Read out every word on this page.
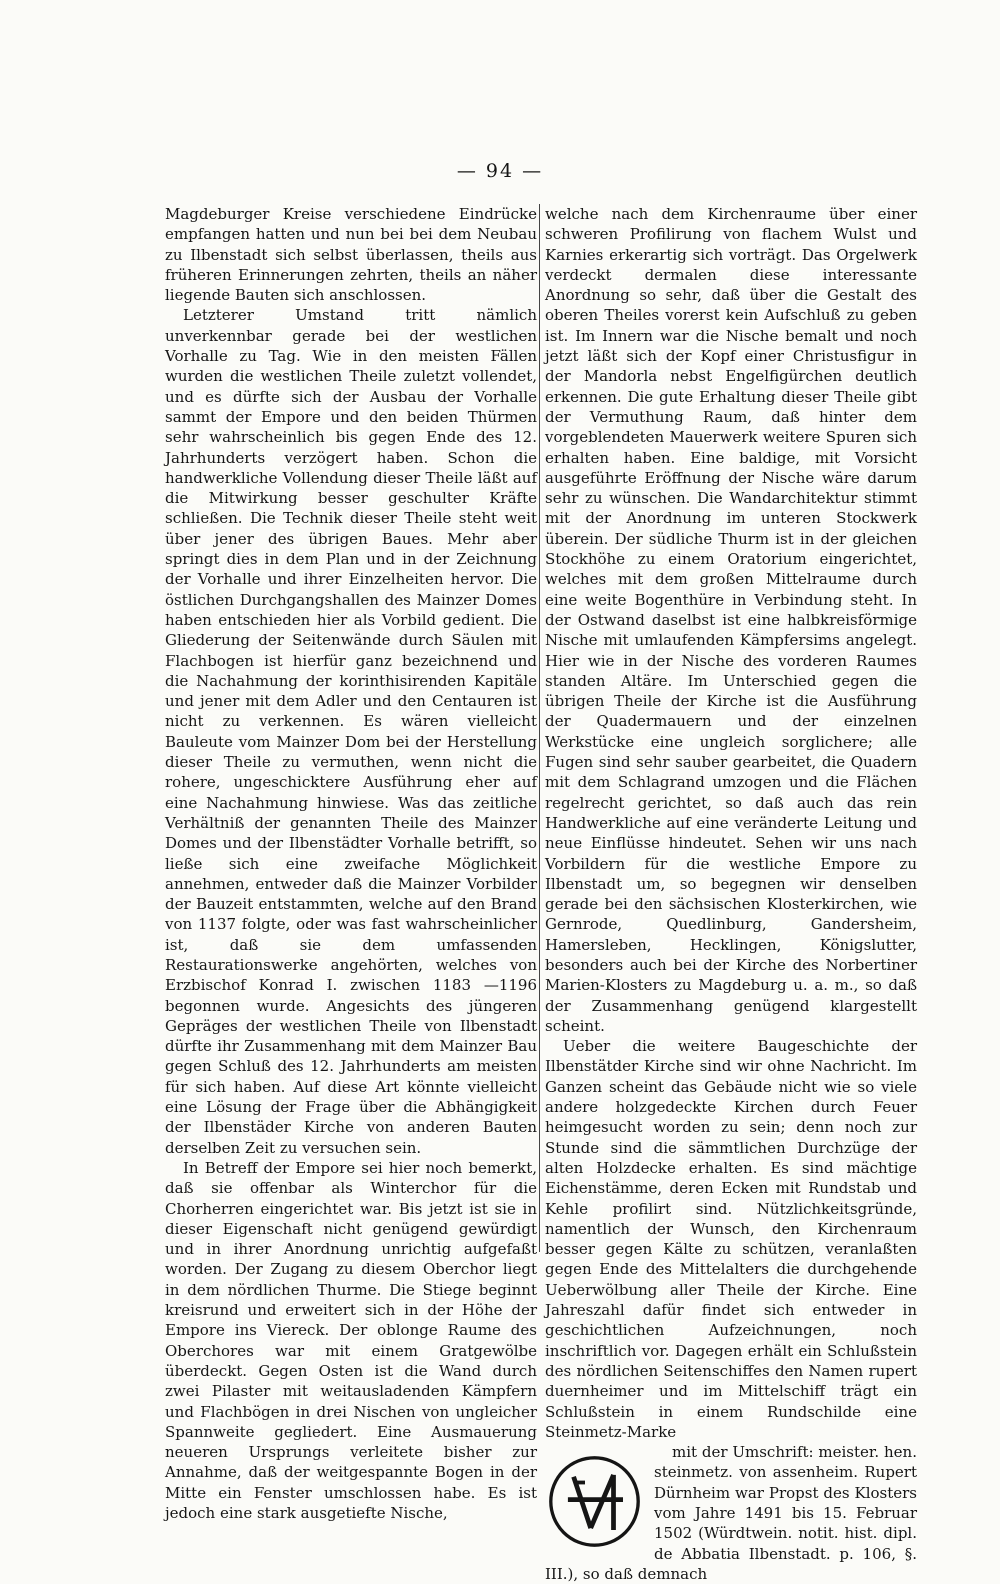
— 94 —

Magdeburger Kreise verschiedene Eindrücke empfangen hatten und nun bei bei dem Neubau zu Ilbenstadt sich selbst überlassen, theils aus früheren Erinnerungen zehrten, theils an näher liegende Bauten sich anschlossen.

Letzterer Umstand tritt nämlich unverkennbar gerade bei der westlichen Vorhalle zu Tag. Wie in den meisten Fällen wurden die westlichen Theile zuletzt vollendet, und es dürfte sich der Ausbau der Vorhalle sammt der Empore und den beiden Thürmen sehr wahrscheinlich bis gegen Ende des 12. Jahrhunderts verzögert haben. Schon die handwerkliche Vollendung dieser Theile läßt auf die Mitwirkung besser geschulter Kräfte schließen. Die Technik dieser Theile steht weit über jener des übrigen Baues. Mehr aber springt dies in dem Plan und in der Zeichnung der Vorhalle und ihrer Einzelheiten hervor. Die östlichen Durchgangshallen des Mainzer Domes haben entschieden hier als Vorbild gedient. Die Gliederung der Seitenwände durch Säulen mit Flachbogen ist hierfür ganz bezeichnend und die Nachahmung der korinthisirenden Kapitäle und jener mit dem Adler und den Centauren ist nicht zu verkennen. Es wären vielleicht Bauleute vom Mainzer Dom bei der Herstellung dieser Theile zu vermuthen, wenn nicht die rohere, ungeschicktere Ausführung eher auf eine Nachahmung hinwiese. Was das zeitliche Verhältniß der genannten Theile des Mainzer Domes und der Ilbenstädter Vorhalle betrifft, so ließe sich eine zweifache Möglichkeit annehmen, entweder daß die Mainzer Vorbilder der Bauzeit entstammten, welche auf den Brand von 1137 folgte, oder was fast wahrscheinlicher ist, daß sie dem umfassenden Restaurationswerke angehörten, welches von Erzbischof Konrad I. zwischen 1183 —1196 begonnen wurde. Angesichts des jüngeren Gepräges der westlichen Theile von Ilbenstadt dürfte ihr Zusammenhang mit dem Mainzer Bau gegen Schluß des 12. Jahrhunderts am meisten für sich haben. Auf diese Art könnte vielleicht eine Lösung der Frage über die Abhängigkeit der Ilbenstäder Kirche von anderen Bauten derselben Zeit zu versuchen sein.

In Betreff der Empore sei hier noch bemerkt, daß sie offenbar als Winterchor für die Chorherren eingerichtet war. Bis jetzt ist sie in dieser Eigenschaft nicht genügend gewürdigt und in ihrer Anordnung unrichtig aufgefaßt worden. Der Zugang zu diesem Oberchor liegt in dem nördlichen Thurme. Die Stiege beginnt kreisrund und erweitert sich in der Höhe der Empore ins Viereck. Der oblonge Raume des Oberchores war mit einem Gratgewölbe überdeckt. Gegen Osten ist die Wand durch zwei Pilaster mit weitausladenden Kämpfern und Flachbögen in drei Nischen von ungleicher Spannweite gegliedert. Eine Ausmauerung neueren Ursprungs verleitete bisher zur Annahme, daß der weitgespannte Bogen in der Mitte ein Fenster umschlossen habe. Es ist jedoch eine stark ausgetiefte Nische,

welche nach dem Kirchenraume über einer schweren Profilirung von flachem Wulst und Karnies erkerartig sich vorträgt. Das Orgelwerk verdeckt dermalen diese interessante Anordnung so sehr, daß über die Gestalt des oberen Theiles vorerst kein Aufschluß zu geben ist. Im Innern war die Nische bemalt und noch jetzt läßt sich der Kopf einer Christusfigur in der Mandorla nebst Engelfigürchen deutlich erkennen. Die gute Erhaltung dieser Theile gibt der Vermuthung Raum, daß hinter dem vorgeblendeten Mauerwerk weitere Spuren sich erhalten haben. Eine baldige, mit Vorsicht ausgeführte Eröffnung der Nische wäre darum sehr zu wünschen. Die Wandarchitektur stimmt mit der Anordnung im unteren Stockwerk überein. Der südliche Thurm ist in der gleichen Stockhöhe zu einem Oratorium eingerichtet, welches mit dem großen Mittelraume durch eine weite Bogenthüre in Verbindung steht. In der Ostwand daselbst ist eine halbkreisförmige Nische mit umlaufenden Kämpfersims angelegt. Hier wie in der Nische des vorderen Raumes standen Altäre. Im Unterschied gegen die übrigen Theile der Kirche ist die Ausführung der Quadermauern und der einzelnen Werkstücke eine ungleich sorglichere; alle Fugen sind sehr sauber gearbeitet, die Quadern mit dem Schlagrand umzogen und die Flächen regelrecht gerichtet, so daß auch das rein Handwerkliche auf eine veränderte Leitung und neue Einflüsse hindeutet. Sehen wir uns nach Vorbildern für die westliche Empore zu Ilbenstadt um, so begegnen wir denselben gerade bei den sächsischen Klosterkirchen, wie Gernrode, Quedlinburg, Gandersheim, Hamersleben, Hecklingen, Königslutter, besonders auch bei der Kirche des Norbertiner Marien-Klosters zu Magdeburg u. a. m., so daß der Zusammenhang genügend klargestellt scheint.

Ueber die weitere Baugeschichte der Ilbenstätder Kirche sind wir ohne Nachricht. Im Ganzen scheint das Gebäude nicht wie so viele andere holzgedeckte Kirchen durch Feuer heimgesucht worden zu sein; denn noch zur Stunde sind die sämmtlichen Durchzüge der alten Holzdecke erhalten. Es sind mächtige Eichenstämme, deren Ecken mit Rundstab und Kehle profilirt sind. Nützlichkeitsgründe, namentlich der Wunsch, den Kirchenraum besser gegen Kälte zu schützen, veranlaßten gegen Ende des Mittelalters die durchgehende Ueberwölbung aller Theile der Kirche. Eine Jahreszahl dafür findet sich entweder in geschichtlichen Aufzeichnungen, noch inschriftlich vor. Dagegen erhält ein Schlußstein des nördlichen Seitenschiffes den Namen rupert duernheimer und im Mittelschiff trägt ein Schlußstein in einem Rundschilde eine Steinmetz-Marke

mit der Umschrift: meister. hen. steinmetz. von assenheim. Rupert Dürnheim war Propst des Klosters vom Jahre 1491 bis 15. Februar 1502 (Würdtwein. notit. hist. dipl. de Abbatia Ilbenstadt. p. 106, §. III.), so daß demnach
